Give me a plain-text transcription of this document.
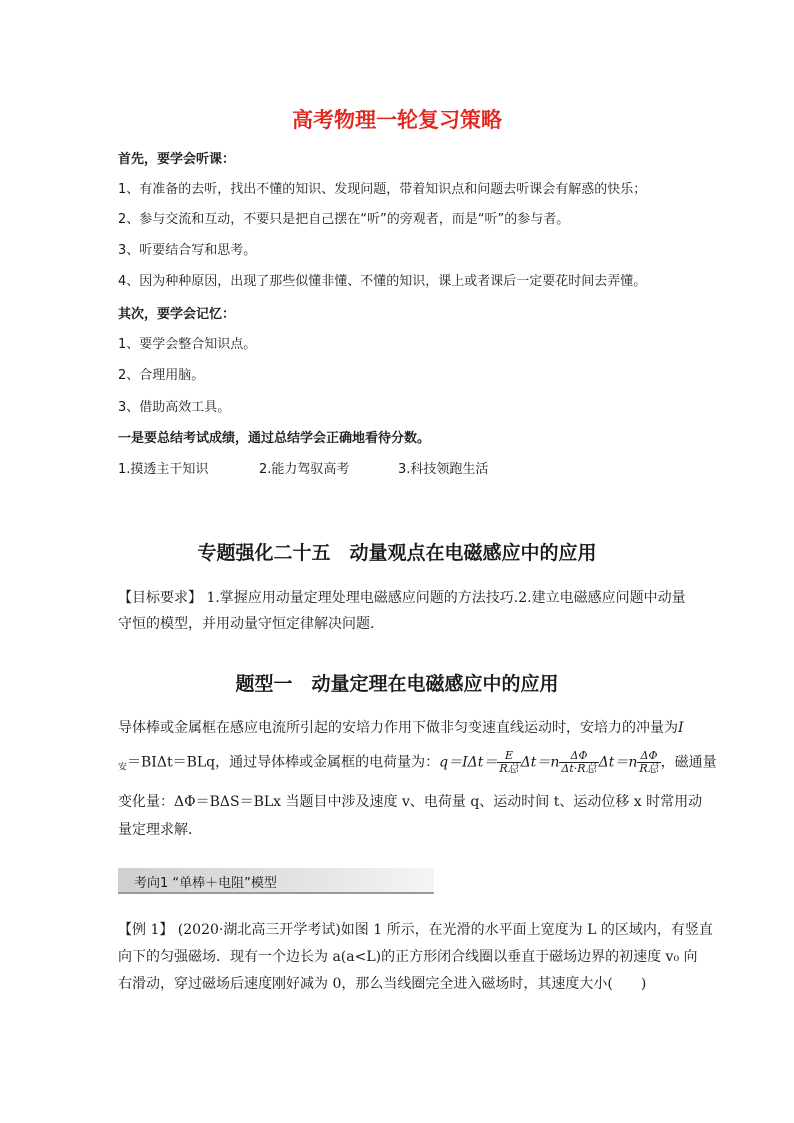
高考物理一轮复习策略
首先，要学会听课：
1、有准备的去听，找出不懂的知识、发现问题，带着知识点和问题去听课会有解惑的快乐；
2、参与交流和互动，不要只是把自己摆在“听”的旁观者，而是“听”的参与者。
3、听要结合写和思考。
4、因为种种原因，出现了那些似懂非懂、不懂的知识，课上或者课后一定要花时间去弄懂。
其次，要学会记忆：
1、要学会整合知识点。
2、合理用脑。
3、借助高效工具。
一是要总结考试成绩，通过总结学会正确地看待分数。
1.摸透主干知识	2.能力驾驭高考	3.科技领跑生活
专题强化二十五　动量观点在电磁感应中的应用
【目标要求】 1.掌握应用动量定理处理电磁感应问题的方法技巧.2.建立电磁感应问题中动量
守恒的模型，并用动量守恒定律解决问题．
题型一　动量定理在电磁感应中的应用
导体棒或金属框在感应电流所引起的安培力作用下做非匀变速直线运动时，安培力的冲量为I
$_安$＝BIΔt＝BLq，通过导体棒或金属框的电荷量为：$q=I\Delta t= \frac{E}{\text{R总}} \Delta t=n \frac{\Delta\Phi}{\text{Δt·R总}} \Delta t=n \frac{\Delta\Phi}{\text{R总}}$ ，磁通量
变化量：ΔΦ＝BΔS＝BLx 当题目中涉及速度 v、电荷量 q、运动时间 t、运动位移 x 时常用动
量定理求解．
考向1 “单棒＋电阻”模型
【例 1】 (2020·湖北高三开学考试)如图 1 所示，在光滑的水平面上宽度为 L 的区域内，有竖直
向下的匀强磁场．现有一个边长为 a(a<L)的正方形闭合线圈以垂直于磁场边界的初速度 v₀ 向
右滑动，穿过磁场后速度刚好减为 0，那么当线圈完全进入磁场时，其速度大小(　　)
